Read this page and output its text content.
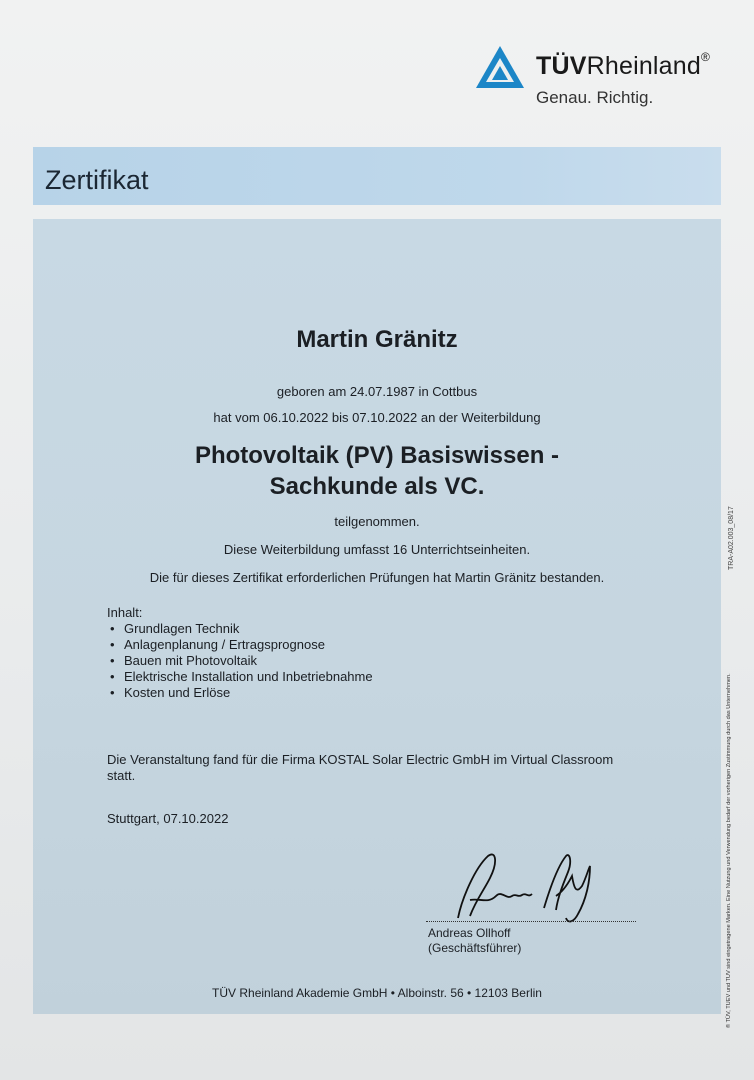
TÜVRheinland®
Genau. Richtig.
Zertifikat
Martin Gränitz
geboren am 24.07.1987 in Cottbus
hat vom 06.10.2022 bis 07.10.2022 an der Weiterbildung
Photovoltaik (PV) Basiswissen -
Sachkunde als VC.
teilgenommen.
Diese Weiterbildung umfasst 16 Unterrichtseinheiten.
Die für dieses Zertifikat erforderlichen Prüfungen hat Martin Gränitz bestanden.
Inhalt:
• Grundlagen Technik
• Anlagenplanung / Ertragsprognose
• Bauen mit Photovoltaik
• Elektrische Installation und Inbetriebnahme
• Kosten und Erlöse
Die Veranstaltung fand für die Firma KOSTAL Solar Electric GmbH im Virtual Classroom statt.
Stuttgart, 07.10.2022
Andreas Ollhoff
(Geschäftsführer)
TÜV Rheinland Akademie GmbH • Alboinstr. 56 • 12103 Berlin	® TÜV, TUEV und TUV sind eingetragene Marken. Eine Nutzung und Verwendung bedarf der vorherigen Zustimmung durch das Unternehmen.
TRA-A02.003_08/17
